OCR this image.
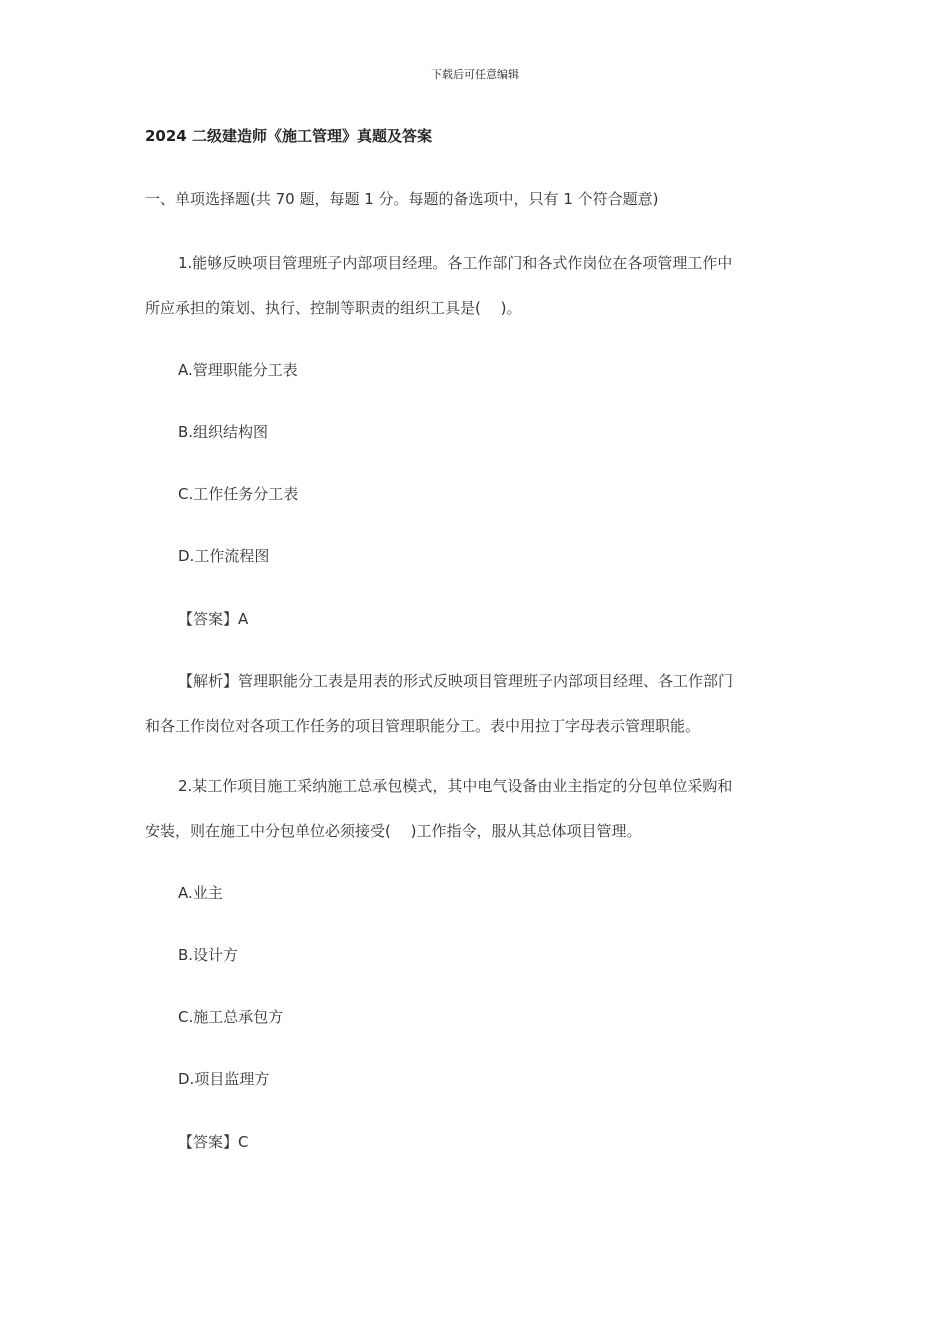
下载后可任意编辑
2024 二级建造师《施工管理》真题及答案
一、单项选择题(共 70 题，每题 1 分。每题的备选项中，只有 1 个符合题意)
1.能够反映项目管理班子内部项目经理。各工作部门和各式作岗位在各项管理工作中
所应承担的策划、执行、控制等职责的组织工具是(　 )。
A.管理职能分工表
B.组织结构图
C.工作任务分工表
D.工作流程图
【答案】A
【解析】管理职能分工表是用表的形式反映项目管理班子内部项目经理、各工作部门
和各工作岗位对各项工作任务的项目管理职能分工。表中用拉丁字母表示管理职能。
2.某工作项目施工采纳施工总承包模式，其中电气设备由业主指定的分包单位采购和
安装，则在施工中分包单位必须接受(　 )工作指令，服从其总体项目管理。
A.业主
B.设计方
C.施工总承包方
D.项目监理方
【答案】C
